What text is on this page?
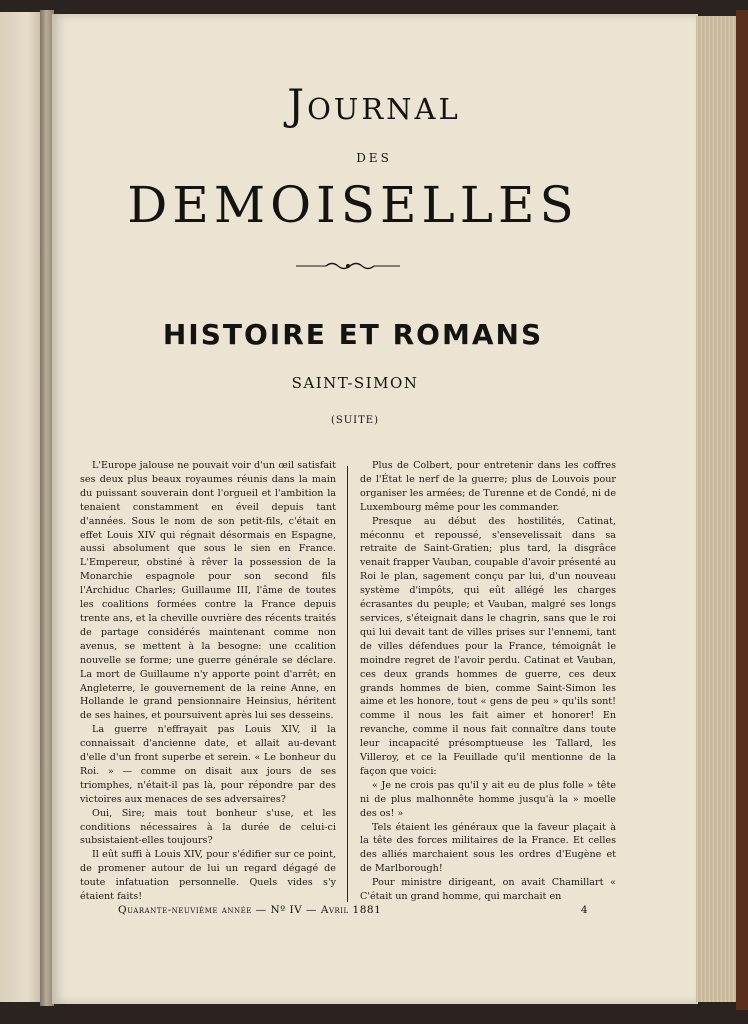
Journal
DES
DEMOISELLES
HISTOIRE ET ROMANS
SAINT-SIMON
(SUITE)

L'Europe jalouse ne pouvait voir d'un œil satisfait ses deux plus beaux royaumes réunis dans la main du puissant souverain dont l'orgueil et l'ambition la tenaient constamment en éveil depuis tant d'années. Sous le nom de son petit-fils, c'était en effet Louis XIV qui régnait désormais en Espagne, aussi absolument que sous le sien en France. L'Empereur, obstiné à rêver la possession de la Monarchie espagnole pour son second fils l'Archiduc Charles; Guillaume III, l'âme de toutes les coalitions formées contre la France depuis trente ans, et la cheville ouvrière des récents traités de partage considérés maintenant comme non avenus, se mettent à la besogne: une ccalition nouvelle se forme; une guerre générale se déclare. La mort de Guillaume n'y apporte point d'arrêt; en Angleterre, le gouvernement de la reine Anne, en Hollande le grand pensionnaire Heinsius, héritent de ses haines, et poursuivent après lui ses desseins.

La guerre n'effrayait pas Louis XIV, il la connaissait d'ancienne date, et allait au-devant d'elle d'un front superbe et serein. « Le bonheur du Roi. » — comme on disait aux jours de ses triomphes, n'était-il pas là, pour répondre par des victoires aux menaces de ses adversaires?

Oui, Sire; mais tout bonheur s'use, et les conditions nécessaires à la durée de celui-ci subsistaient-elles toujours?

Il eût suffi à Louis XIV, pour s'édifier sur ce point, de promener autour de lui un regard dégagé de toute infatuation personnelle. Quels vides s'y étaient faits!

Plus de Colbert, pour entretenir dans les coffres de l'État le nerf de la guerre; plus de Louvois pour organiser les armées; de Turenne et de Condé, ni de Luxembourg même pour les commander.

Presque au début des hostilités, Catinat, méconnu et repoussé, s'ensevelissait dans sa retraite de Saint-Gratien; plus tard, la disgrâce venait frapper Vauban, coupable d'avoir présenté au Roi le plan, sagement conçu par lui, d'un nouveau système d'impôts, qui eût allégé les charges écrasantes du peuple; et Vauban, malgré ses longs services, s'éteignait dans le chagrin, sans que le roi qui lui devait tant de villes prises sur l'ennemi, tant de villes défendues pour la France, témoignât le moindre regret de l'avoir perdu. Catinat et Vauban, ces deux grands hommes de guerre, ces deux grands hommes de bien, comme Saint-Simon les aime et les honore, tout « gens de peu » qu'ils sont! comme il nous les fait aimer et honorer! En revanche, comme il nous fait connaître dans toute leur incapacité présomptueuse les Tallard, les Villeroy, et ce la Feuillade qu'il mentionne de la façon que voici:

« Je ne crois pas qu'il y ait eu de plus folle » tête ni de plus malhonnête homme jusqu'à la » moelle des os! »

Tels étaient les généraux que la faveur plaçait à la tête des forces militaires de la France. Et celles des alliés marchaient sous les ordres d'Eugène et de Marlborough!

Pour ministre dirigeant, on avait Chamillart « C'était un grand homme, qui marchait en

Quarante-neuvième année — Nº IV — Avril 1881	4
